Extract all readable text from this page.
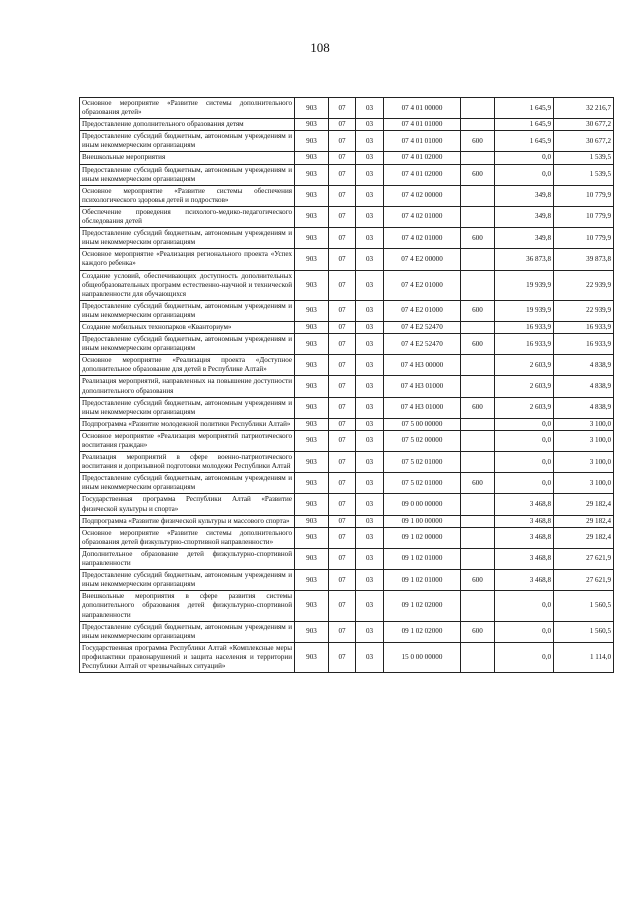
108
Основное мероприятие «Развитие системы дополнительного образования детей»	903	07	03	07 4 01 00000		1 645,9	32 216,7
Предоставление дополнительного образования детям	903	07	03	07 4 01 01000		1 645,9	30 677,2
Предоставление субсидий бюджетным, автономным учреждениям и иным некоммерческим организациям	903	07	03	07 4 01 01000	600	1 645,9	30 677,2
Внешкольные мероприятия	903	07	03	07 4 01 02000		0,0	1 539,5
Предоставление субсидий бюджетным, автономным учреждениям и иным некоммерческим организациям	903	07	03	07 4 01 02000	600	0,0	1 539,5
Основное мероприятие «Развитие системы обеспечения психологического здоровья детей и подростков»	903	07	03	07 4 02 00000		349,8	10 779,9
Обеспечение проведения психолого-медико-педагогического обследования детей	903	07	03	07 4 02 01000		349,8	10 779,9
Предоставление субсидий бюджетным, автономным учреждениям и иным некоммерческим организациям	903	07	03	07 4 02 01000	600	349,8	10 779,9
Основное мероприятие «Реализация регионального проекта «Успех каждого ребенка»	903	07	03	07 4 E2 00000		36 873,8	39 873,8
Создание условий, обеспечивающих доступность дополнительных общеобразовательных программ естественно-научной и технической направленности для обучающихся	903	07	03	07 4 E2 01000		19 939,9	22 939,9
Предоставление субсидий бюджетным, автономным учреждениям и иным некоммерческим организациям	903	07	03	07 4 E2 01000	600	19 939,9	22 939,9
Создание мобильных технопарков «Кванториум»	903	07	03	07 4 E2 52470		16 933,9	16 933,9
Предоставление субсидий бюджетным, автономным учреждениям и иным некоммерческим организациям	903	07	03	07 4 E2 52470	600	16 933,9	16 933,9
Основное мероприятие «Реализация проекта «Доступное дополнительное образование для детей в Республике Алтай»	903	07	03	07 4 Н3 00000		2 603,9	4 838,9
Реализация мероприятий, направленных на повышение доступности дополнительного образования	903	07	03	07 4 Н3 01000		2 603,9	4 838,9
Предоставление субсидий бюджетным, автономным учреждениям и иным некоммерческим организациям	903	07	03	07 4 Н3 01000	600	2 603,9	4 838,9
Подпрограмма «Развитие молодежной политики Республики Алтай»	903	07	03	07 5 00 00000		0,0	3 100,0
Основное мероприятие «Реализация мероприятий патриотического воспитания граждан»	903	07	03	07 5 02 00000		0,0	3 100,0
Реализация мероприятий в сфере военно-патриотического воспитания и допризывной подготовки молодежи Республики Алтай	903	07	03	07 5 02 01000		0,0	3 100,0
Предоставление субсидий бюджетным, автономным учреждениям и иным некоммерческим организациям	903	07	03	07 5 02 01000	600	0,0	3 100,0
Государственная программа Республики Алтай «Развитие физической культуры и спорта»	903	07	03	09 0 00 00000		3 468,8	29 182,4
Подпрограмма «Развитие физической культуры и массового спорта»	903	07	03	09 1 00 00000		3 468,8	29 182,4
Основное мероприятие «Развитие системы дополнительного образования детей физкультурно-спортивной направленности»	903	07	03	09 1 02 00000		3 468,8	29 182,4
Дополнительное образование детей физкультурно-спортивной направленности	903	07	03	09 1 02 01000		3 468,8	27 621,9
Предоставление субсидий бюджетным, автономным учреждениям и иным некоммерческим организациям	903	07	03	09 1 02 01000	600	3 468,8	27 621,9
Внешкольные мероприятия в сфере развития системы дополнительного образования детей физкультурно-спортивной направленности	903	07	03	09 1 02 02000		0,0	1 560,5
Предоставление субсидий бюджетным, автономным учреждениям и иным некоммерческим организациям	903	07	03	09 1 02 02000	600	0,0	1 560,5
Государственная программа Республики Алтай «Комплексные меры профилактики правонарушений и защита населения и территории Республики Алтай от чрезвычайных ситуаций»	903	07	03	15 0 00 00000		0,0	1 114,0
